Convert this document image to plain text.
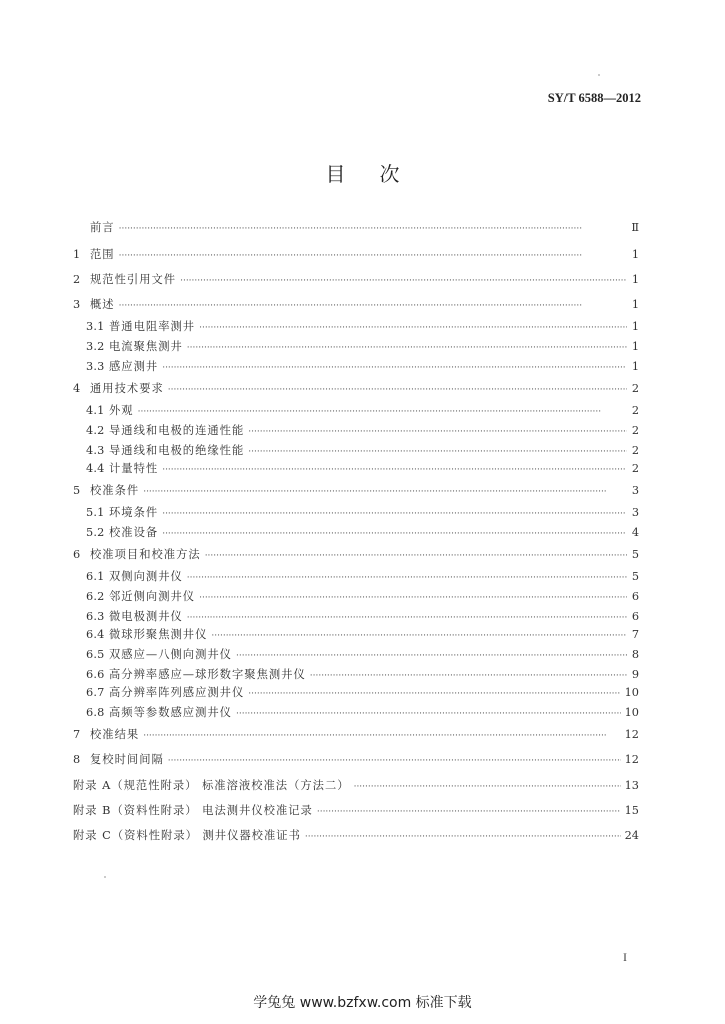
SY/T 6588—2012
目 次
前言 ·····	Ⅱ
1 范围 ·····	1
2 规范性引用文件 ·····	1
3 概述 ·····	1
3.1 普通电阻率测井 ·····	1
3.2 电流聚焦测井 ·····	1
3.3 感应测井 ·····	1
4 通用技术要求 ·····	2
4.1 外观 ·····	2
4.2 导通线和电极的连通性能 ·····	2
4.3 导通线和电极的绝缘性能 ·····	2
4.4 计量特性 ·····	2
5 校准条件 ·····	3
5.1 环境条件 ·····	3
5.2 校准设备 ·····	4
6 校准项目和校准方法 ·····	5
6.1 双侧向测井仪 ·····	5
6.2 邻近侧向测井仪 ·····	6
6.3 微电极测井仪 ·····	6
6.4 微球形聚焦测井仪 ·····	7
6.5 双感应—八侧向测井仪 ·····	8
6.6 高分辨率感应—球形数字聚焦测井仪 ·····	9
6.7 高分辨率阵列感应测井仪 ·····	10
6.8 高频等参数感应测井仪 ·····	10
7 校准结果 ·····	12
8 复校时间间隔 ·····	12
附录 A（规范性附录） 标准溶液校准法（方法二） ·····	13
附录 B（资料性附录） 电法测井仪校准记录 ·····	15
附录 C（资料性附录） 测井仪器校准证书 ·····	24
I
学兔兔 www.bzfxw.com 标准下载
